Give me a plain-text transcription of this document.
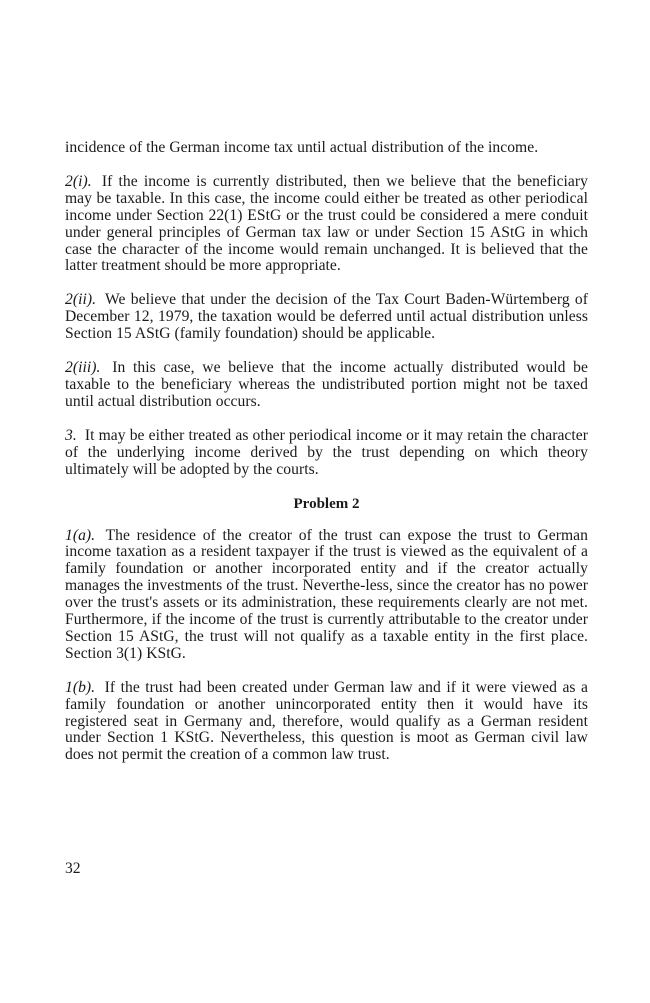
incidence of the German income tax until actual distribution of the income.

2(i). If the income is currently distributed, then we believe that the beneficiary may be taxable. In this case, the income could either be treated as other periodical income under Section 22(1) EStG or the trust could be considered a mere conduit under general principles of German tax law or under Section 15 AStG in which case the character of the income would remain unchanged. It is believed that the latter treatment should be more appropriate.

2(ii). We believe that under the decision of the Tax Court Baden-Würtemberg of December 12, 1979, the taxation would be deferred until actual distribution unless Section 15 AStG (family foundation) should be applicable.

2(iii). In this case, we believe that the income actually distributed would be taxable to the beneficiary whereas the undistributed portion might not be taxed until actual distribution occurs.

3. It may be either treated as other periodical income or it may retain the character of the underlying income derived by the trust depending on which theory ultimately will be adopted by the courts.

Problem 2

1(a). The residence of the creator of the trust can expose the trust to German income taxation as a resident taxpayer if the trust is viewed as the equivalent of a family foundation or another incorporated entity and if the creator actually manages the investments of the trust. Neverthe-less, since the creator has no power over the trust's assets or its administration, these requirements clearly are not met. Furthermore, if the income of the trust is currently attributable to the creator under Section 15 AStG, the trust will not qualify as a taxable entity in the first place. Section 3(1) KStG.

1(b). If the trust had been created under German law and if it were viewed as a family foundation or another unincorporated entity then it would have its registered seat in Germany and, therefore, would qualify as a German resident under Section 1 KStG. Nevertheless, this question is moot as German civil law does not permit the creation of a common law trust.

32
